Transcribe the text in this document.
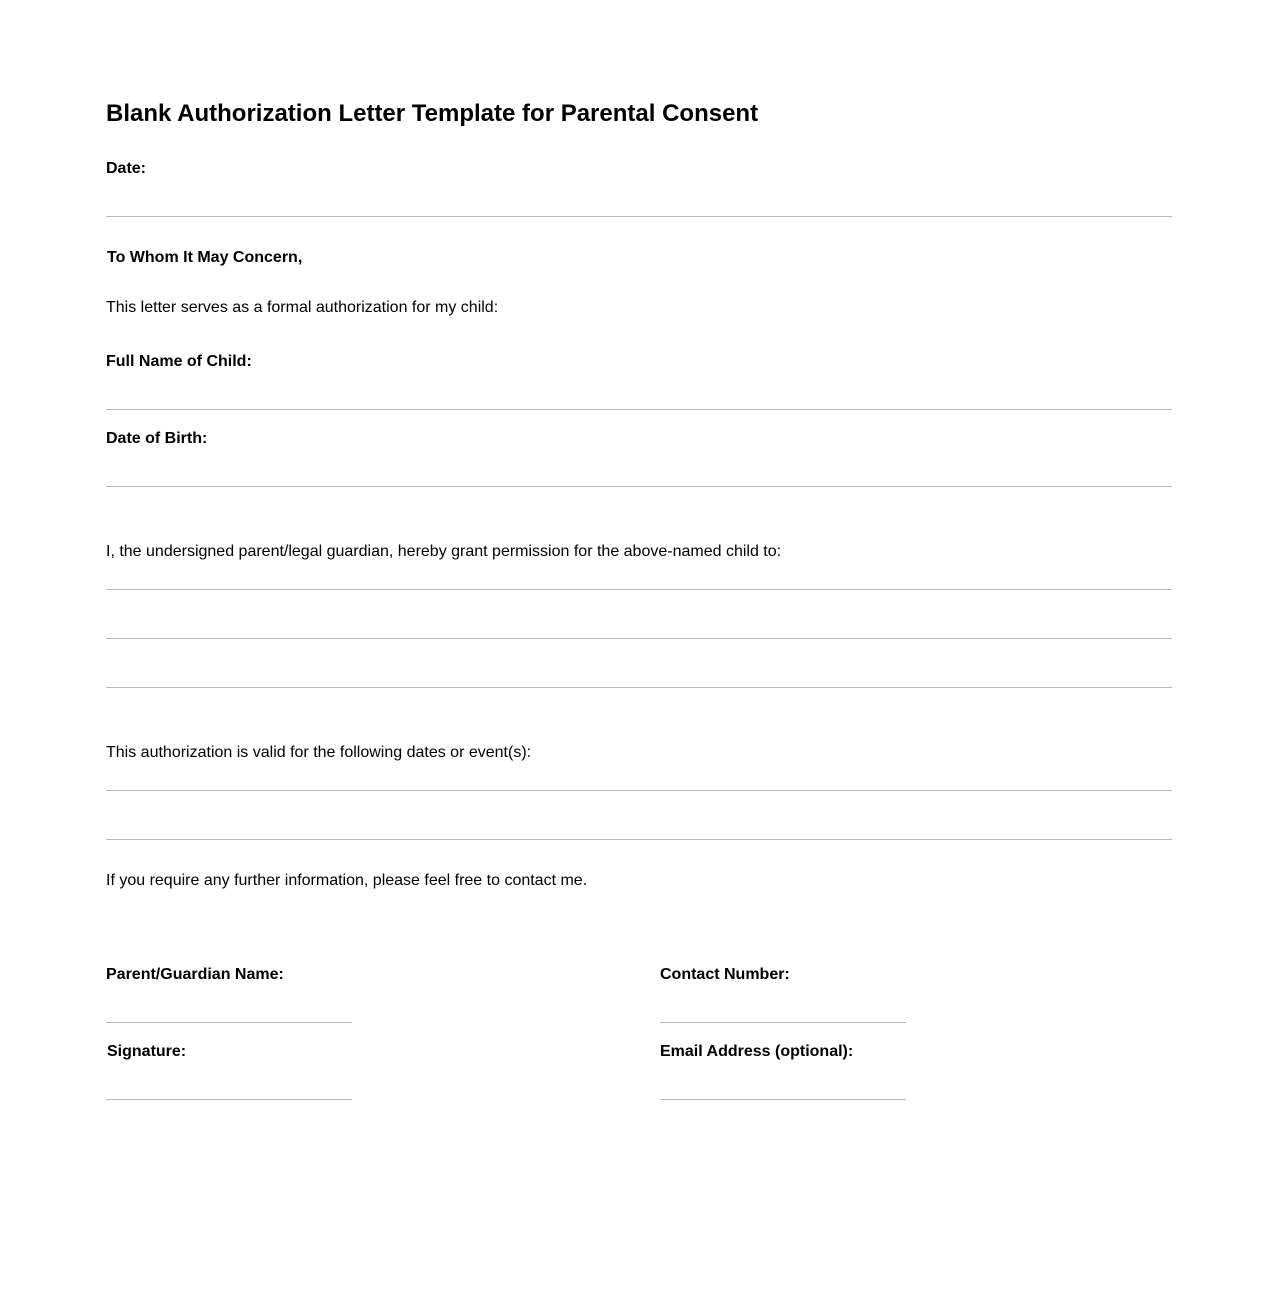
Blank Authorization Letter Template for Parental Consent
Date:
To Whom It May Concern,
This letter serves as a formal authorization for my child:
Full Name of Child:
Date of Birth:
I, the undersigned parent/legal guardian, hereby grant permission for the above-named child to:
This authorization is valid for the following dates or event(s):
If you require any further information, please feel free to contact me.
Parent/Guardian Name:	Contact Number:
Signature:	Email Address (optional):
